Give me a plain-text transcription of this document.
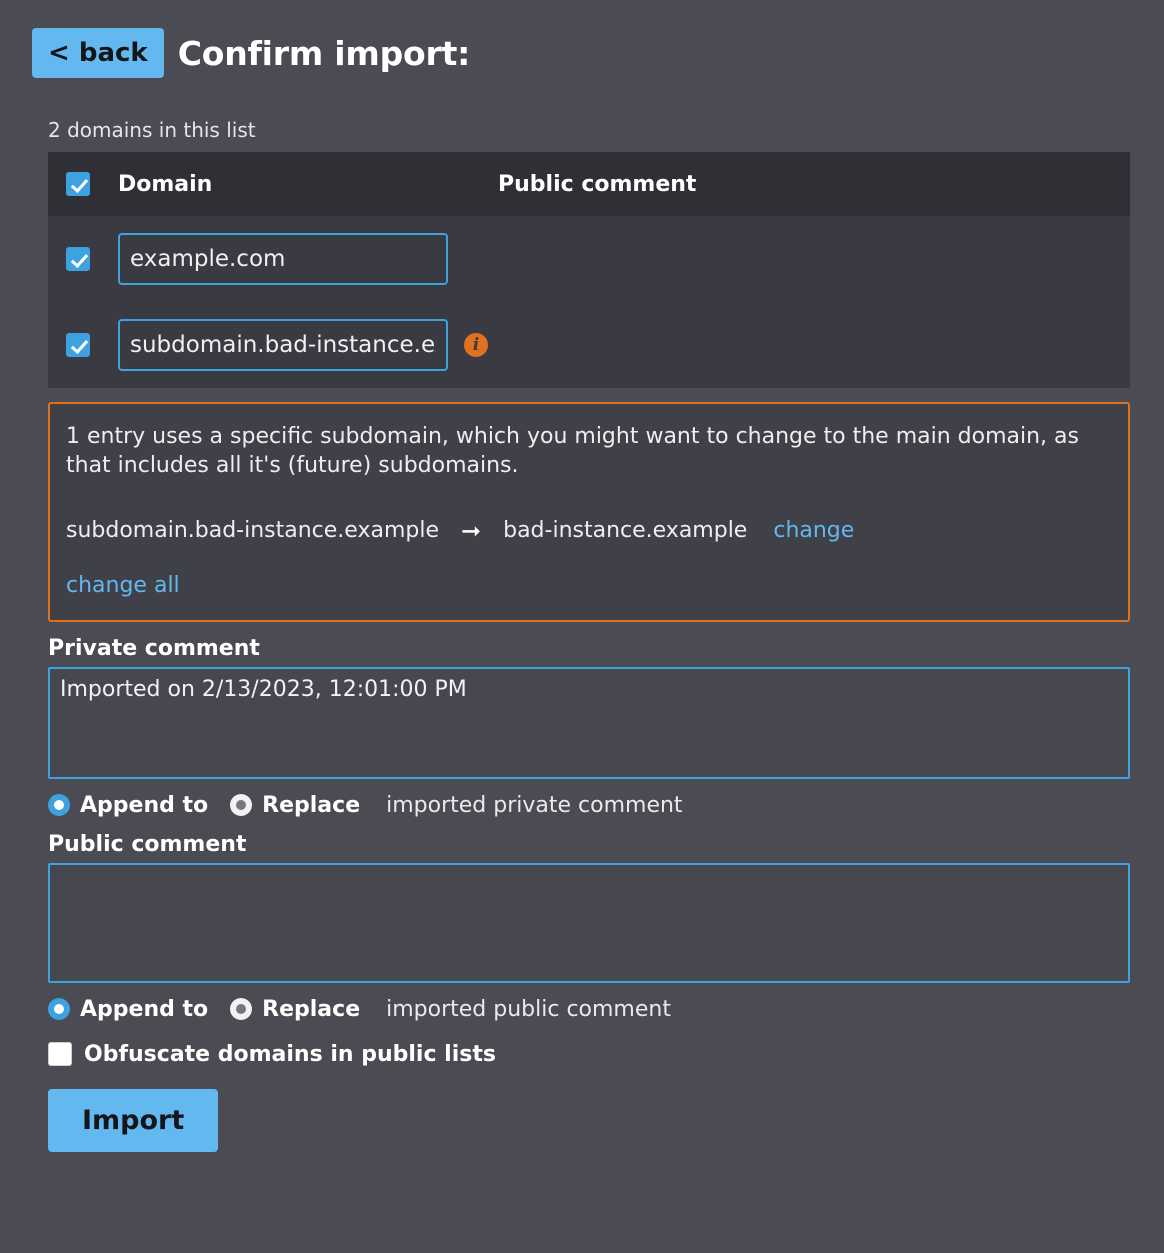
< back Confirm import:
2 domains in this list
Domain	Public comment
example.com
subdomain.bad-instance.ex
i
1 entry uses a specific subdomain, which you might want to change to the main domain, as that includes all it's (future) subdomains.
subdomain.bad-instance.example ➞ bad-instance.example change
change all
Private comment
Imported on 2/13/2023, 12:01:00 PM
Append to Replace imported private comment
Public comment
Append to Replace imported public comment
Obfuscate domains in public lists
Import
